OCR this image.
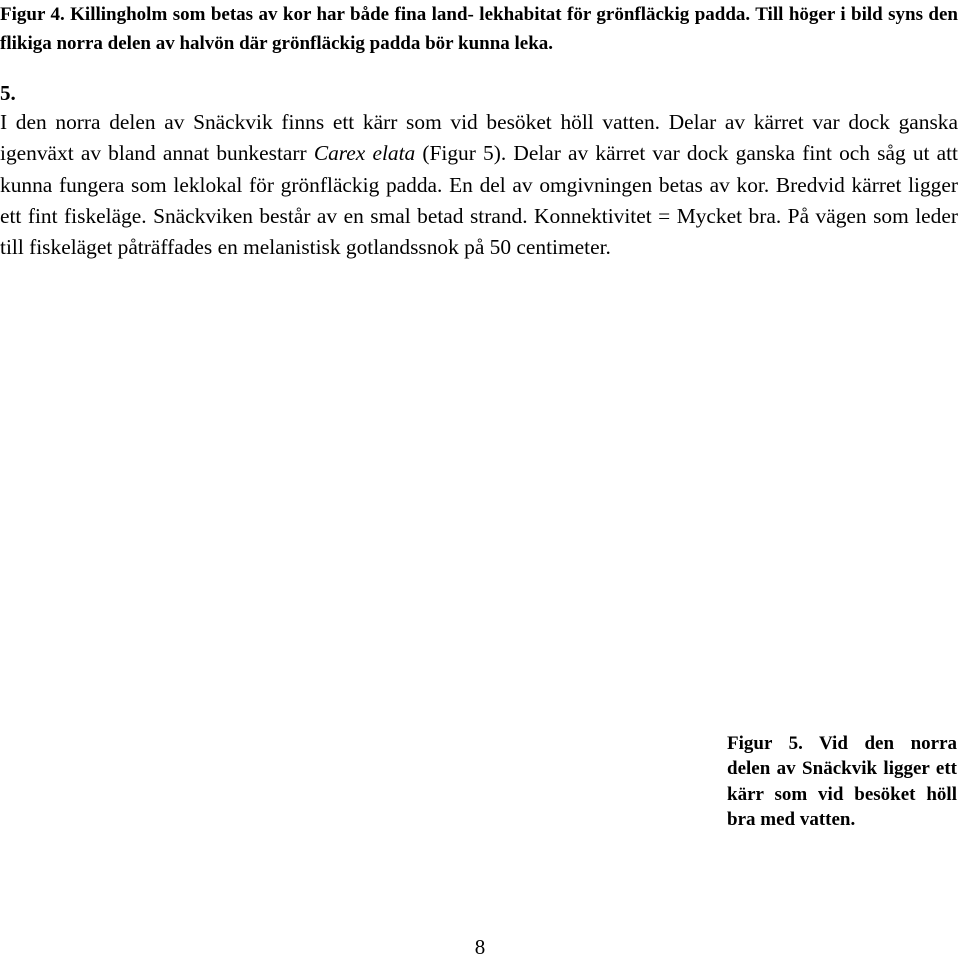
Figur 4. Killingholm som betas av kor har både fina land- lekhabitat för grönfläckig padda. Till höger i bild syns den flikiga norra delen av halvön där grönfläckig padda bör kunna leka.
5.

I den norra delen av Snäckvik finns ett kärr som vid besöket höll vatten. Delar av kärret var dock ganska igenväxt av bland annat bunkestarr Carex elata (Figur 5). Delar av kärret var dock ganska fint och såg ut att kunna fungera som leklokal för grönfläckig padda. En del av omgivningen betas av kor. Bredvid kärret ligger ett fint fiskeläge. Snäckviken består av en smal betad strand. Konnektivitet = Mycket bra. På vägen som leder till fiskeläget påträffades en melanistisk gotlandssnok på 50 centimeter.

Figur 5. Vid den norra delen av Snäckvik ligger ett kärr som vid besöket höll bra med vatten.
8
